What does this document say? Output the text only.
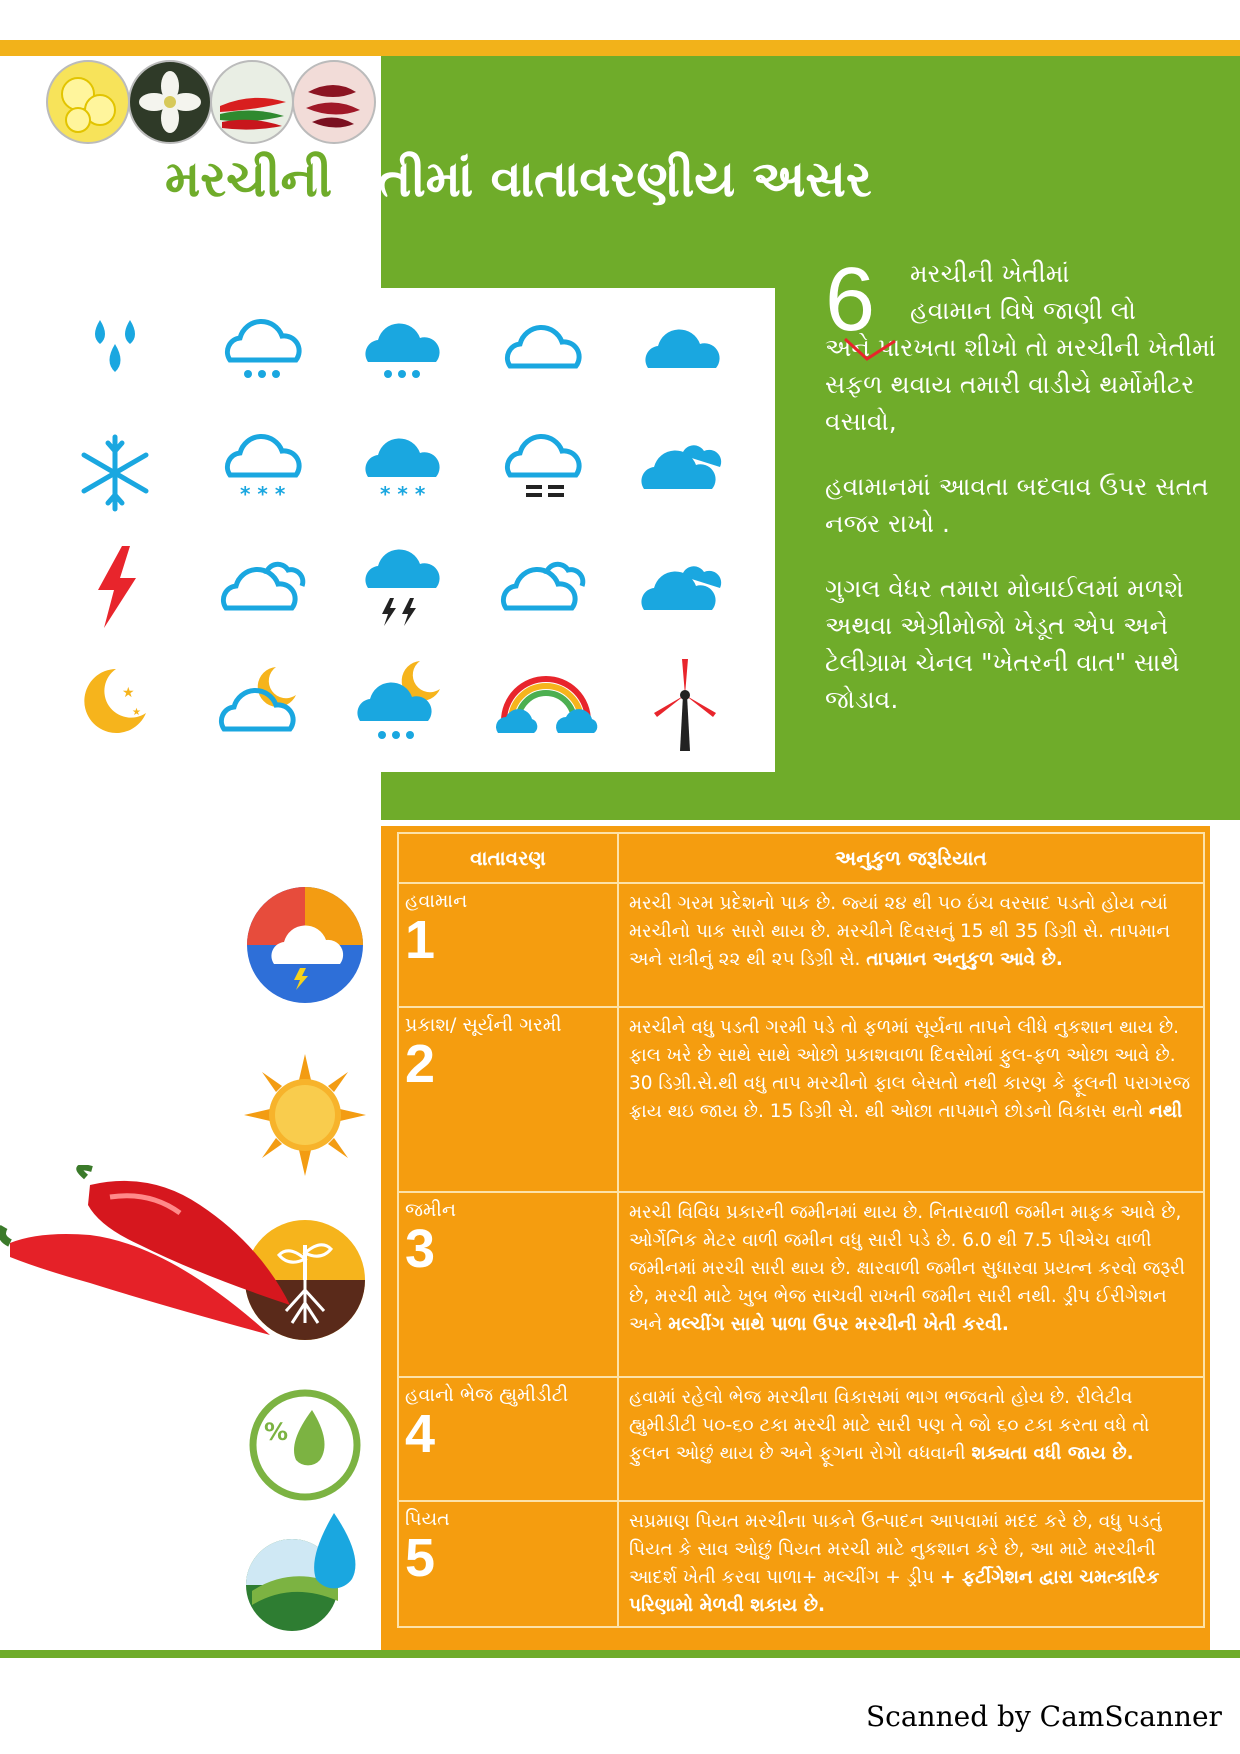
મરચીની ખેતીમાં વાતાવરણીય અસર
* * *	* * *
★
★
6	મરચીની ખેતીમાં
હવામાન વિષે જાણી લો
અને પારખતા શીખો તો મરચીની ખેતીમાં સફળ થવાય તમારી વાડીયે થર્મોમીટર વસાવો,

હવામાનમાં આવતા બદલાવ ઉપર સતત નજર રાખો .

ગુગલ વેધર તમારા મોબાઈલમાં મળશે અથવા એગ્રીમોજો ખેડૂત એપ અને ટેલીગ્રામ ચેનલ "ખેતરની વાત" સાથે જોડાવ.

%
વાતાવરણ	અનુકુળ જરૂરિયાત

હવામાન
1	મરચી ગરમ પ્રદેશનો પાક છે. જ્યાં ૨૪ થી ૫૦ ઇંચ વરસાદ પડતો હોય ત્યાં મરચીનો પાક સારો થાય છે. મરચીને દિવસનું 15 થી 35 ડિગ્રી સે. તાપમાન અને રાત્રીનું ૨૨ થી ૨૫ ડિગ્રી સે. તાપમાન અનુકુળ આવે છે.

પ્રકાશ/ સૂર્યની ગરમી
2	મરચીને વધુ પડતી ગરમી પડે તો ફળમાં સૂર્યના તાપને લીધે નુકશાન થાય છે. ફાલ ખરે છે સાથે સાથે ઓછો પ્રકાશવાળા દિવસોમાં ફુલ-ફળ ઓછા આવે છે. 30 ડિગ્રી.સે.થી વધુ તાપ મરચીનો ફાલ બેસતો નથી કારણ કે ફૂલની પરાગરજ ફ્રાય થઇ જાય છે. 15 ડિગ્રી સે. થી ઓછા તાપમાને છોડનો વિકાસ થતો નથી

જમીન
3	મરચી વિવિધ પ્રકારની જમીનમાં થાય છે. નિતારવાળી જમીન માફક આવે છે, ઓર્ગેનિક મેટર વાળી જમીન વધુ સારી પડે છે. 6.0 થી 7.5 પીએચ વાળી જમીનમાં મરચી સારી થાય છે. ક્ષારવાળી જમીન સુધારવા પ્રયત્ન કરવો જરૂરી છે, મરચી માટે ખુબ ભેજ સાચવી રાખતી જમીન સારી નથી. ડ્રીપ ઈરીગેશન અને મલ્ચીંગ સાથે પાળા ઉપર મરચીની ખેતી કરવી.

હવાનો ભેજ હ્યુમીડીટી
4	હવામાં રહેલો ભેજ મરચીના વિકાસમાં ભાગ ભજવતો હોય છે. રીલેટીવ હ્યુમીડીટી ૫૦-૬૦ ટકા મરચી માટે સારી પણ તે જો ૬૦ ટકા કરતા વધે તો ફુલન ઓછું થાય છે અને ફૂગના રોગો વધવાની શક્યતા વધી જાય છે.

પિયત
5	સપ્રમાણ પિયત મરચીના પાકને ઉત્પાદન આપવામાં મદદ કરે છે, વધુ પડતું પિયત કે સાવ ઓછું પિયત મરચી માટે નુકશાન કરે છે, આ માટે મરચીની આદર્શ ખેતી કરવા પાળા+ મલ્ચીંગ + ડ્રીપ + ફર્ટીગેશન દ્વારા ચમત્કારિક પરિણામો મેળવી શકાય છે.
Scanned by CamScanner
